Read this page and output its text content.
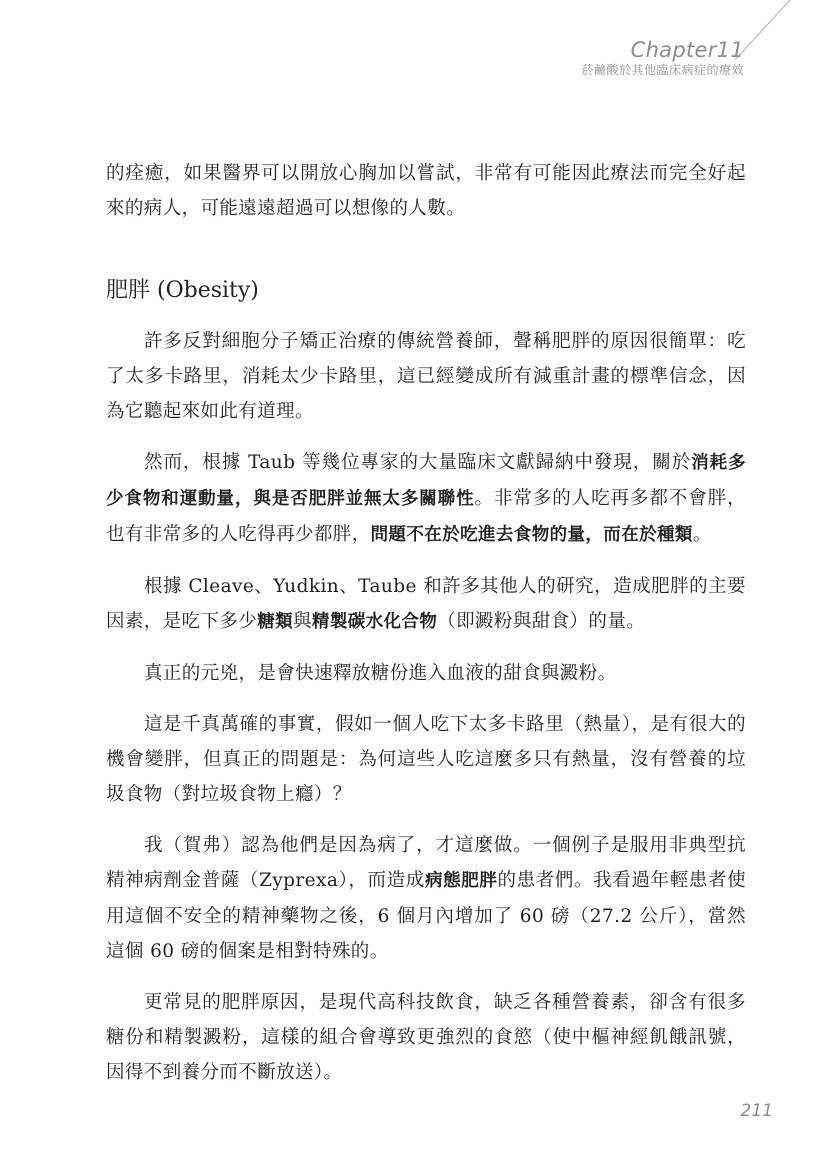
Chapter11
菸鹼酸於其他臨床病症的療效

的痊癒，如果醫界可以開放心胸加以嘗試，非常有可能因此療法而完全好起來的病人，可能遠遠超過可以想像的人數。

肥胖 (Obesity)

許多反對細胞分子矯正治療的傳統營養師，聲稱肥胖的原因很簡單：吃了太多卡路里，消耗太少卡路里，這已經變成所有減重計畫的標準信念，因為它聽起來如此有道理。

然而，根據 Taub 等幾位專家的大量臨床文獻歸納中發現，關於消耗多少食物和運動量，與是否肥胖並無太多關聯性。非常多的人吃再多都不會胖，也有非常多的人吃得再少都胖，問題不在於吃進去食物的量，而在於種類。

根據 Cleave、Yudkin、Taube 和許多其他人的研究，造成肥胖的主要因素，是吃下多少糖類與精製碳水化合物（即澱粉與甜食）的量。

真正的元兇，是會快速釋放糖份進入血液的甜食與澱粉。

這是千真萬確的事實，假如一個人吃下太多卡路里（熱量），是有很大的機會變胖，但真正的問題是：為何這些人吃這麼多只有熱量，沒有營養的垃圾食物（對垃圾食物上癮）？

我（賀弗）認為他們是因為病了，才這麼做。一個例子是服用非典型抗精神病劑金普薩（Zyprexa），而造成病態肥胖的患者們。我看過年輕患者使用這個不安全的精神藥物之後，6 個月內增加了 60 磅（27.2 公斤），當然這個 60 磅的個案是相對特殊的。

更常見的肥胖原因，是現代高科技飲食，缺乏各種營養素，卻含有很多糖份和精製澱粉，這樣的組合會導致更強烈的食慾（使中樞神經飢餓訊號，因得不到養分而不斷放送）。

211
